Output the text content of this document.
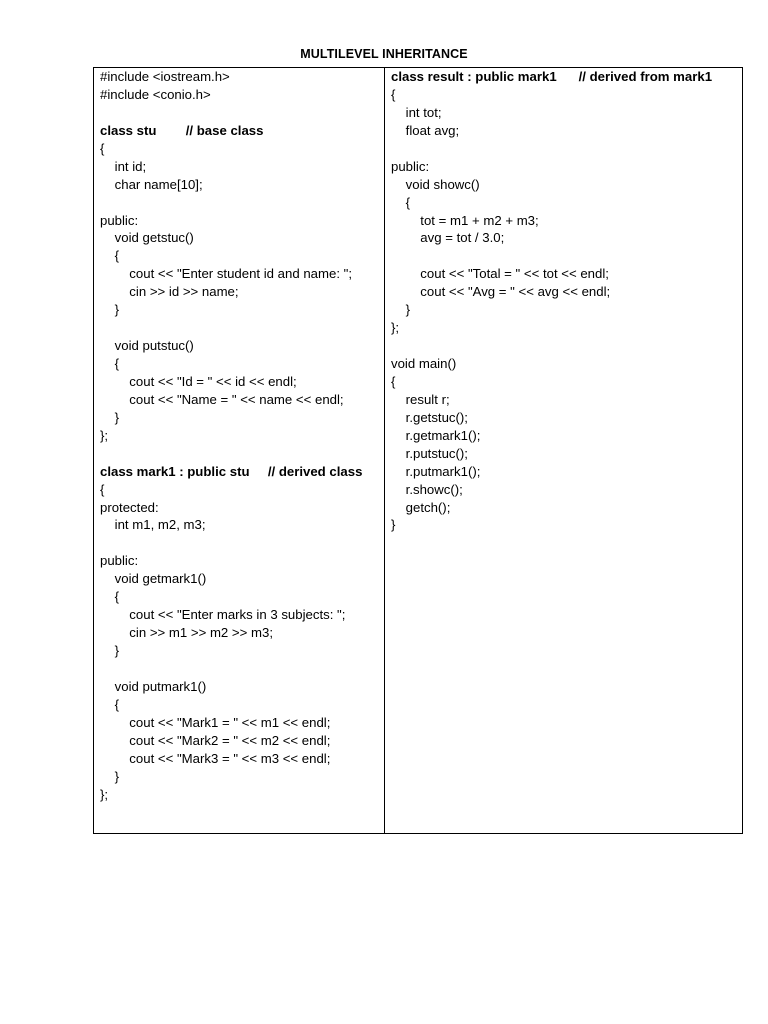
MULTILEVEL INHERITANCE
#include <iostream.h>
#include <conio.h>
class stu        // base class
{
int id;
char name[10];
public:
void getstuc()
{
cout << "Enter student id and name: ";
cin >> id >> name;
}
void putstuc()
{
cout << "Id = " << id << endl;
cout << "Name = " << name << endl;
}
};
class mark1 : public stu     // derived class
{
protected:
int m1, m2, m3;
public:
void getmark1()
{
cout << "Enter marks in 3 subjects: ";
cin >> m1 >> m2 >> m3;
}
void putmark1()
{
cout << "Mark1 = " << m1 << endl;
cout << "Mark2 = " << m2 << endl;
cout << "Mark3 = " << m3 << endl;
}
};
class result : public mark1      // derived from mark1
{
int tot;
float avg;
public:
void showc()
{
tot = m1 + m2 + m3;
avg = tot / 3.0;
cout << "Total = " << tot << endl;
cout << "Avg = " << avg << endl;
}
};
void main()
{
result r;
r.getstuc();
r.getmark1();
r.putstuc();
r.putmark1();
r.showc();
getch();
}
